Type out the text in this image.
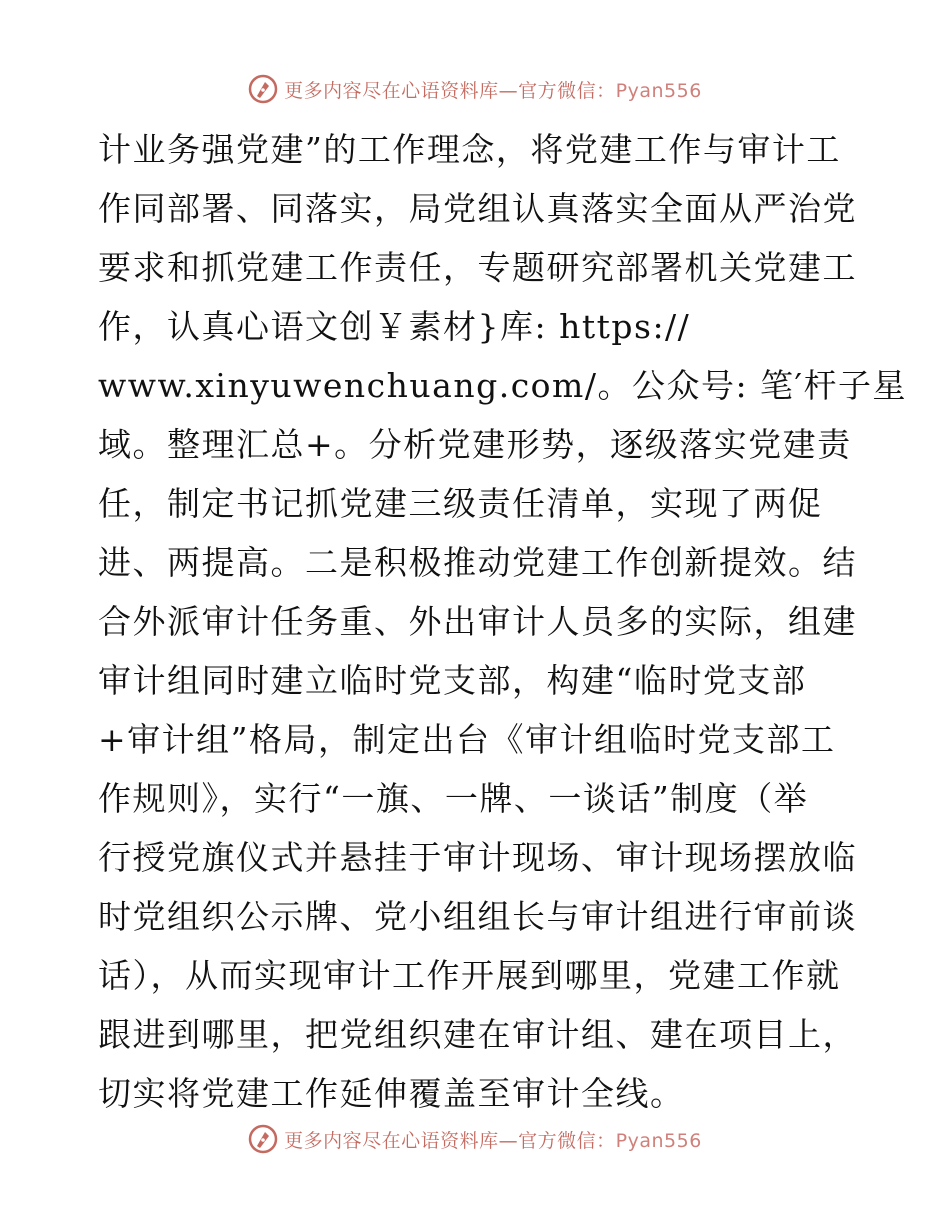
更多内容尽在心语资料库—官方微信：Pyan556
计业务强党建”的工作理念，将党建工作与审计工
作同部署、同落实，局党组认真落实全面从严治党
要求和抓党建工作责任，专题研究部署机关党建工
作，认真心语文创￥素材}库: https://
www.xinyuwenchuang.com/。公众号: 笔′杆子星
域。整理汇总+。分析党建形势，逐级落实党建责
任，制定书记抓党建三级责任清单，实现了两促
进、两提高。二是积极推动党建工作创新提效。结
合外派审计任务重、外出审计人员多的实际，组建
审计组同时建立临时党支部，构建“临时党支部
+审计组”格局，制定出台《审计组临时党支部工
作规则》，实行“一旗、一牌、一谈话”制度（举
行授党旗仪式并悬挂于审计现场、审计现场摆放临
时党组织公示牌、党小组组长与审计组进行审前谈
话），从而实现审计工作开展到哪里，党建工作就
跟进到哪里，把党组织建在审计组、建在项目上，
切实将党建工作延伸覆盖至审计全线。
更多内容尽在心语资料库—官方微信：Pyan556
